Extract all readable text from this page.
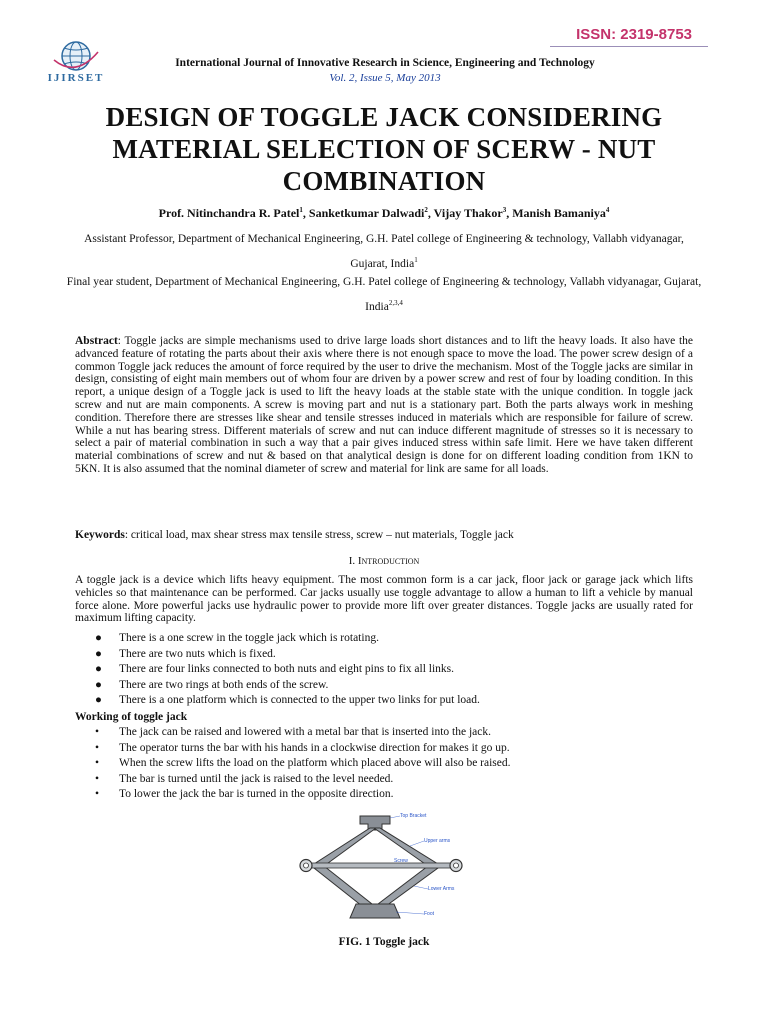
ISSN: 2319-8753
IJIRSET
International Journal of Innovative Research in Science, Engineering and Technology
Vol. 2, Issue 5, May 2013
DESIGN OF TOGGLE JACK CONSIDERING
MATERIAL SELECTION OF SCERW - NUT
COMBINATION
Prof. Nitinchandra R. Patel$^1$, Sanketkumar Dalwadi$^2$, Vijay Thakor$^3$, Manish Bamaniya$^4$
Assistant Professor, Department of Mechanical Engineering, G.H. Patel college of Engineering & technology, Vallabh vidyanagar, Gujarat, India$^1$
Final year student, Department of Mechanical Engineering, G.H. Patel college of Engineering & technology, Vallabh vidyanagar, Gujarat, India$^{2,3,4}$
Abstract: Toggle jacks are simple mechanisms used to drive large loads short distances and to lift the heavy loads. It also have the advanced feature of rotating the parts about their axis where there is not enough space to move the load. The power screw design of a common Toggle jack reduces the amount of force required by the user to drive the mechanism. Most of the Toggle jacks are similar in design, consisting of eight main members out of whom four are driven by a power screw and rest of four by loading condition. In this report, a unique design of a Toggle jack is used to lift the heavy loads at the stable state with the unique condition. In toggle jack screw and nut are main components. A screw is moving part and nut is a stationary part. Both the parts always work in meshing condition. Therefore there are stresses like shear and tensile stresses induced in materials which are responsible for failure of screw. While a nut has bearing stress. Different materials of screw and nut can induce different magnitude of stresses so it is necessary to select a pair of material combination in such a way that a pair gives induced stress within safe limit. Here we have taken different material combinations of screw and nut & based on that analytical design is done for on different loading condition from 1KN to 5KN. It is also assumed that the nominal diameter of screw and material for link are same for all loads.
Keywords: critical load, max shear stress max tensile stress, screw – nut materials, Toggle jack
I. Introduction
A toggle jack is a device which lifts heavy equipment. The most common form is a car jack, floor jack or garage jack which lifts vehicles so that maintenance can be performed. Car jacks usually use toggle advantage to allow a human to lift a vehicle by manual force alone. More powerful jacks use hydraulic power to provide more lift over greater distances. Toggle jacks are usually rated for maximum lifting capacity.
● There is a one screw in the toggle jack which is rotating.
● There are two nuts which is fixed.
● There are four links connected to both nuts and eight pins to fix all links.
● There are two rings at both ends of the screw.
● There is a one platform which is connected to the upper two links for put load.
Working of toggle jack
• The jack can be raised and lowered with a metal bar that is inserted into the jack.
• The operator turns the bar with his hands in a clockwise direction for makes it go up.
• When the screw lifts the load on the platform which placed above will also be raised.
• The bar is turned until the jack is raised to the level needed.
• To lower the jack the bar is turned in the opposite direction.
Top Bracket
Upper arms
Screw
Lower Arms
Foot
FIG. 1 Toggle jack
